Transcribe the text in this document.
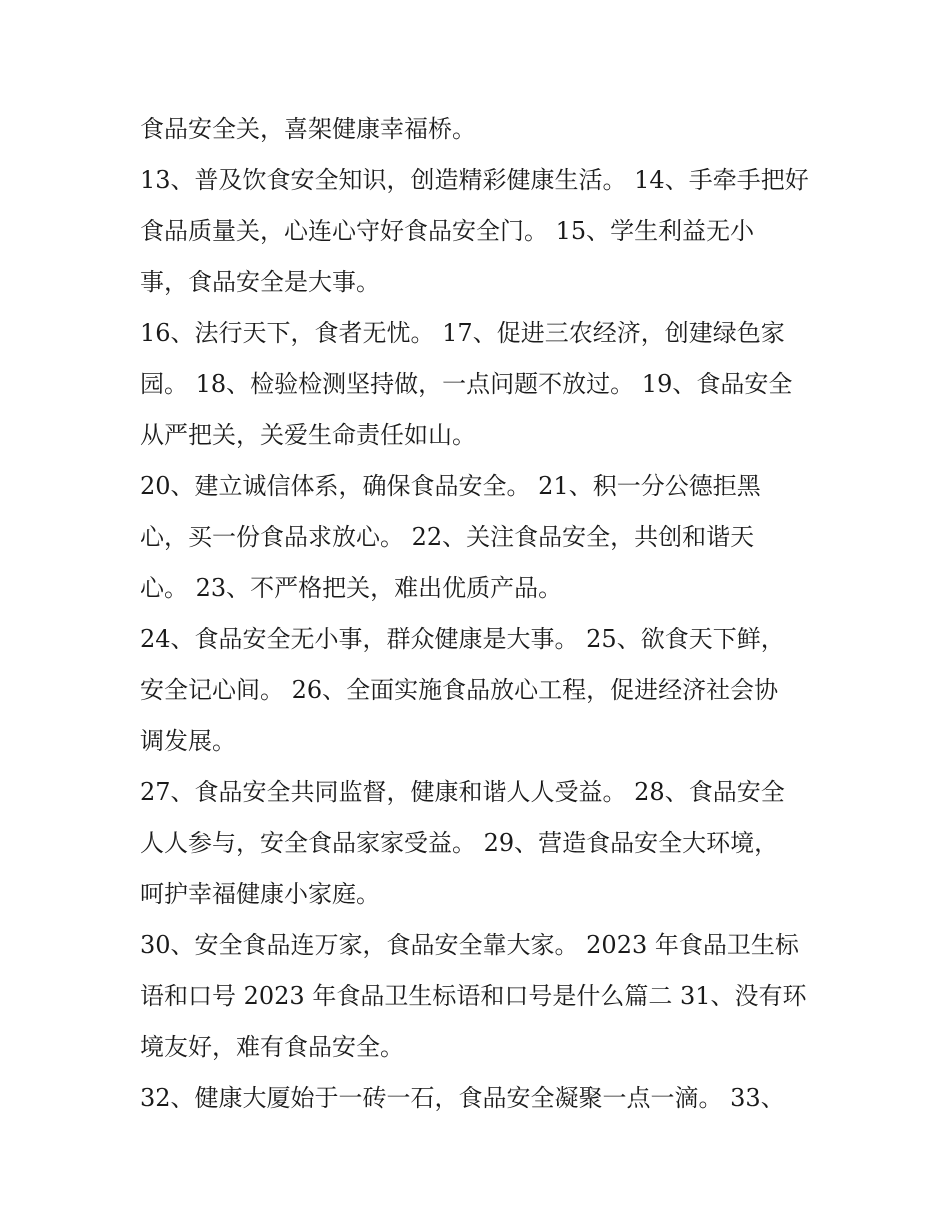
食品安全关，喜架健康幸福桥。
13、普及饮食安全知识，创造精彩健康生活。 14、手牵手把好
食品质量关，心连心守好食品安全门。 15、学生利益无小
事，食品安全是大事。
16、法行天下，食者无忧。 17、促进三农经济，创建绿色家
园。 18、检验检测坚持做，一点问题不放过。 19、食品安全
从严把关，关爱生命责任如山。
20、建立诚信体系，确保食品安全。 21、积一分公德拒黑
心，买一份食品求放心。 22、关注食品安全，共创和谐天
心。 23、不严格把关，难出优质产品。
24、食品安全无小事，群众健康是大事。 25、欲食天下鲜，
安全记心间。 26、全面实施食品放心工程，促进经济社会协
调发展。
27、食品安全共同监督，健康和谐人人受益。 28、食品安全
人人参与，安全食品家家受益。 29、营造食品安全大环境，
呵护幸福健康小家庭。
30、安全食品连万家，食品安全靠大家。 2023 年食品卫生标
语和口号 2023 年食品卫生标语和口号是什么篇二 31、没有环
境友好，难有食品安全。
32、健康大厦始于一砖一石，食品安全凝聚一点一滴。 33、
